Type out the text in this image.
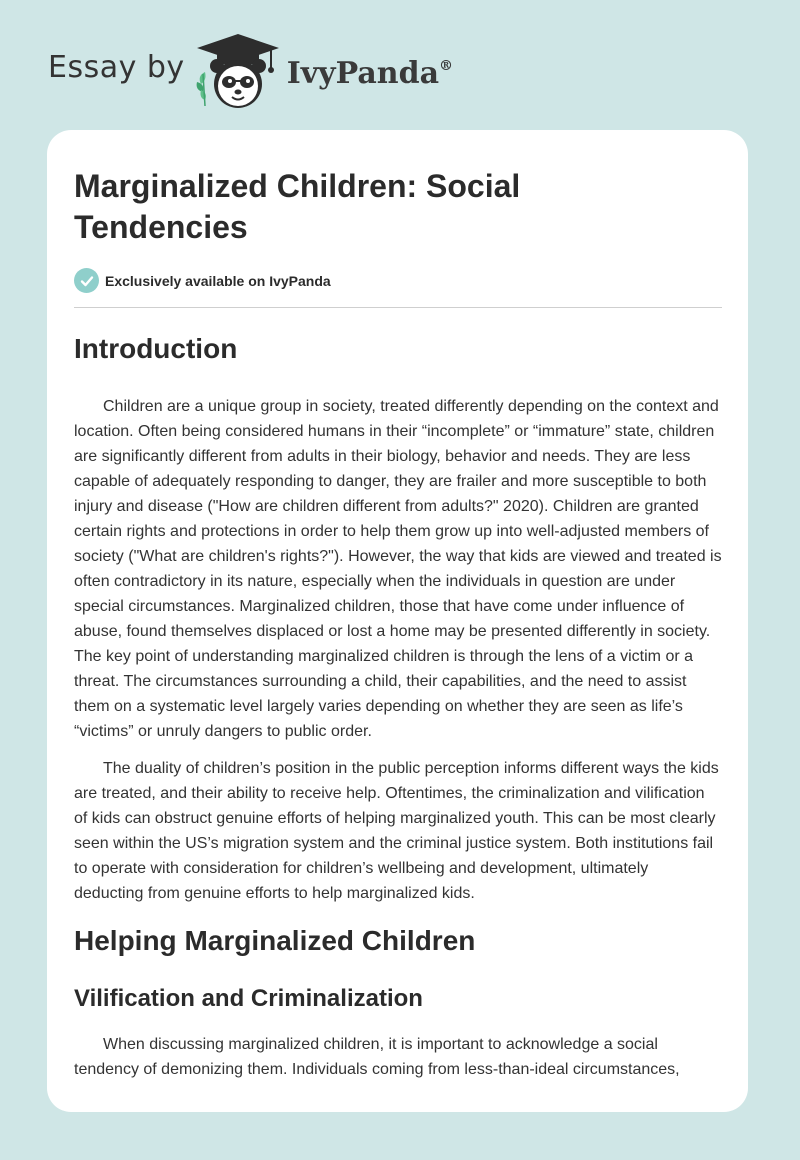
Essay by	IvyPanda®
Marginalized Children: Social Tendencies
Exclusively available on IvyPanda
Introduction

Children are a unique group in society, treated differently depending on the context and location. Often being considered humans in their “incomplete” or “immature” state, children are significantly different from adults in their biology, behavior and needs. They are less capable of adequately responding to danger, they are frailer and more susceptible to both injury and disease ("How are children different from adults?" 2020). Children are granted certain rights and protections in order to help them grow up into well-adjusted members of society ("What are children's rights?"). However, the way that kids are viewed and treated is often contradictory in its nature, especially when the individuals in question are under special circumstances. Marginalized children, those that have come under influence of abuse, found themselves displaced or lost a home may be presented differently in society. The key point of understanding marginalized children is through the lens of a victim or a threat. The circumstances surrounding a child, their capabilities, and the need to assist them on a systematic level largely varies depending on whether they are seen as life’s “victims” or unruly dangers to public order.

The duality of children’s position in the public perception informs different ways the kids are treated, and their ability to receive help. Oftentimes, the criminalization and vilification of kids can obstruct genuine efforts of helping marginalized youth. This can be most clearly seen within the US’s migration system and the criminal justice system. Both institutions fail to operate with consideration for children’s wellbeing and development, ultimately deducting from genuine efforts to help marginalized kids.

Helping Marginalized Children
Vilification and Criminalization

When discussing marginalized children, it is important to acknowledge a social tendency of demonizing them. Individuals coming from less-than-ideal circumstances,
